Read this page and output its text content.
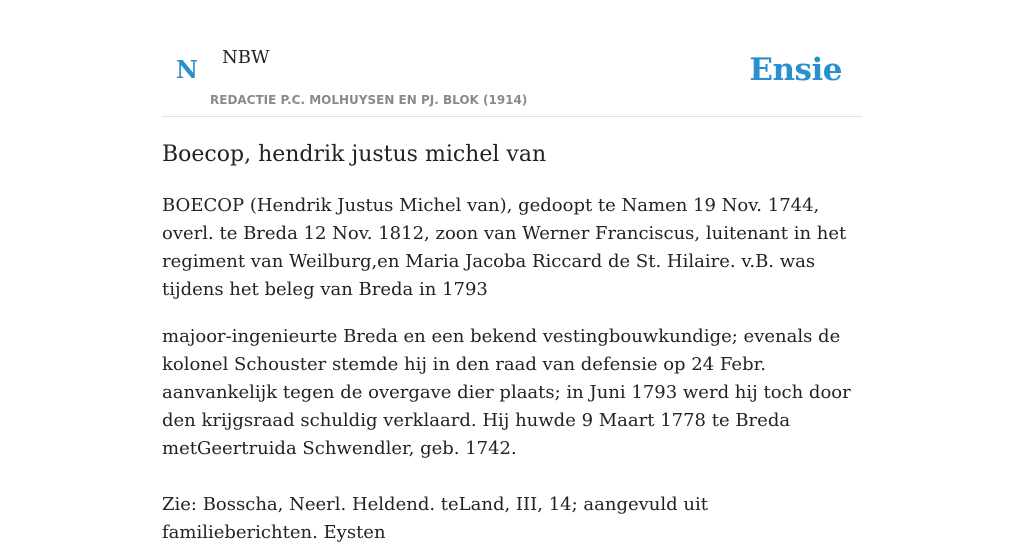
N NBW
REDACTIE P.C. MOLHUYSEN EN PJ. BLOK (1914)
Ensie
Boecop, hendrik justus michel van

BOECOP (Hendrik Justus Michel van), gedoopt te Namen 19 Nov. 1744, overl. te Breda 12 Nov. 1812, zoon van Werner Franciscus, luitenant in het regiment van Weilburg,en Maria Jacoba Riccard de St. Hilaire. v.B. was tijdens het beleg van Breda in 1793

majoor-ingenieurte Breda en een bekend vestingbouwkundige; evenals de kolonel Schouster stemde hij in den raad van defensie op 24 Febr. aanvankelijk tegen de overgave dier plaats; in Juni 1793 werd hij toch door den krijgsraad schuldig verklaard. Hij huwde 9 Maart 1778 te Breda metGeertruida Schwendler, geb. 1742.

Zie: Bosscha, Neerl. Heldend. teLand, III, 14; aangevuld uit familieberichten. Eysten
